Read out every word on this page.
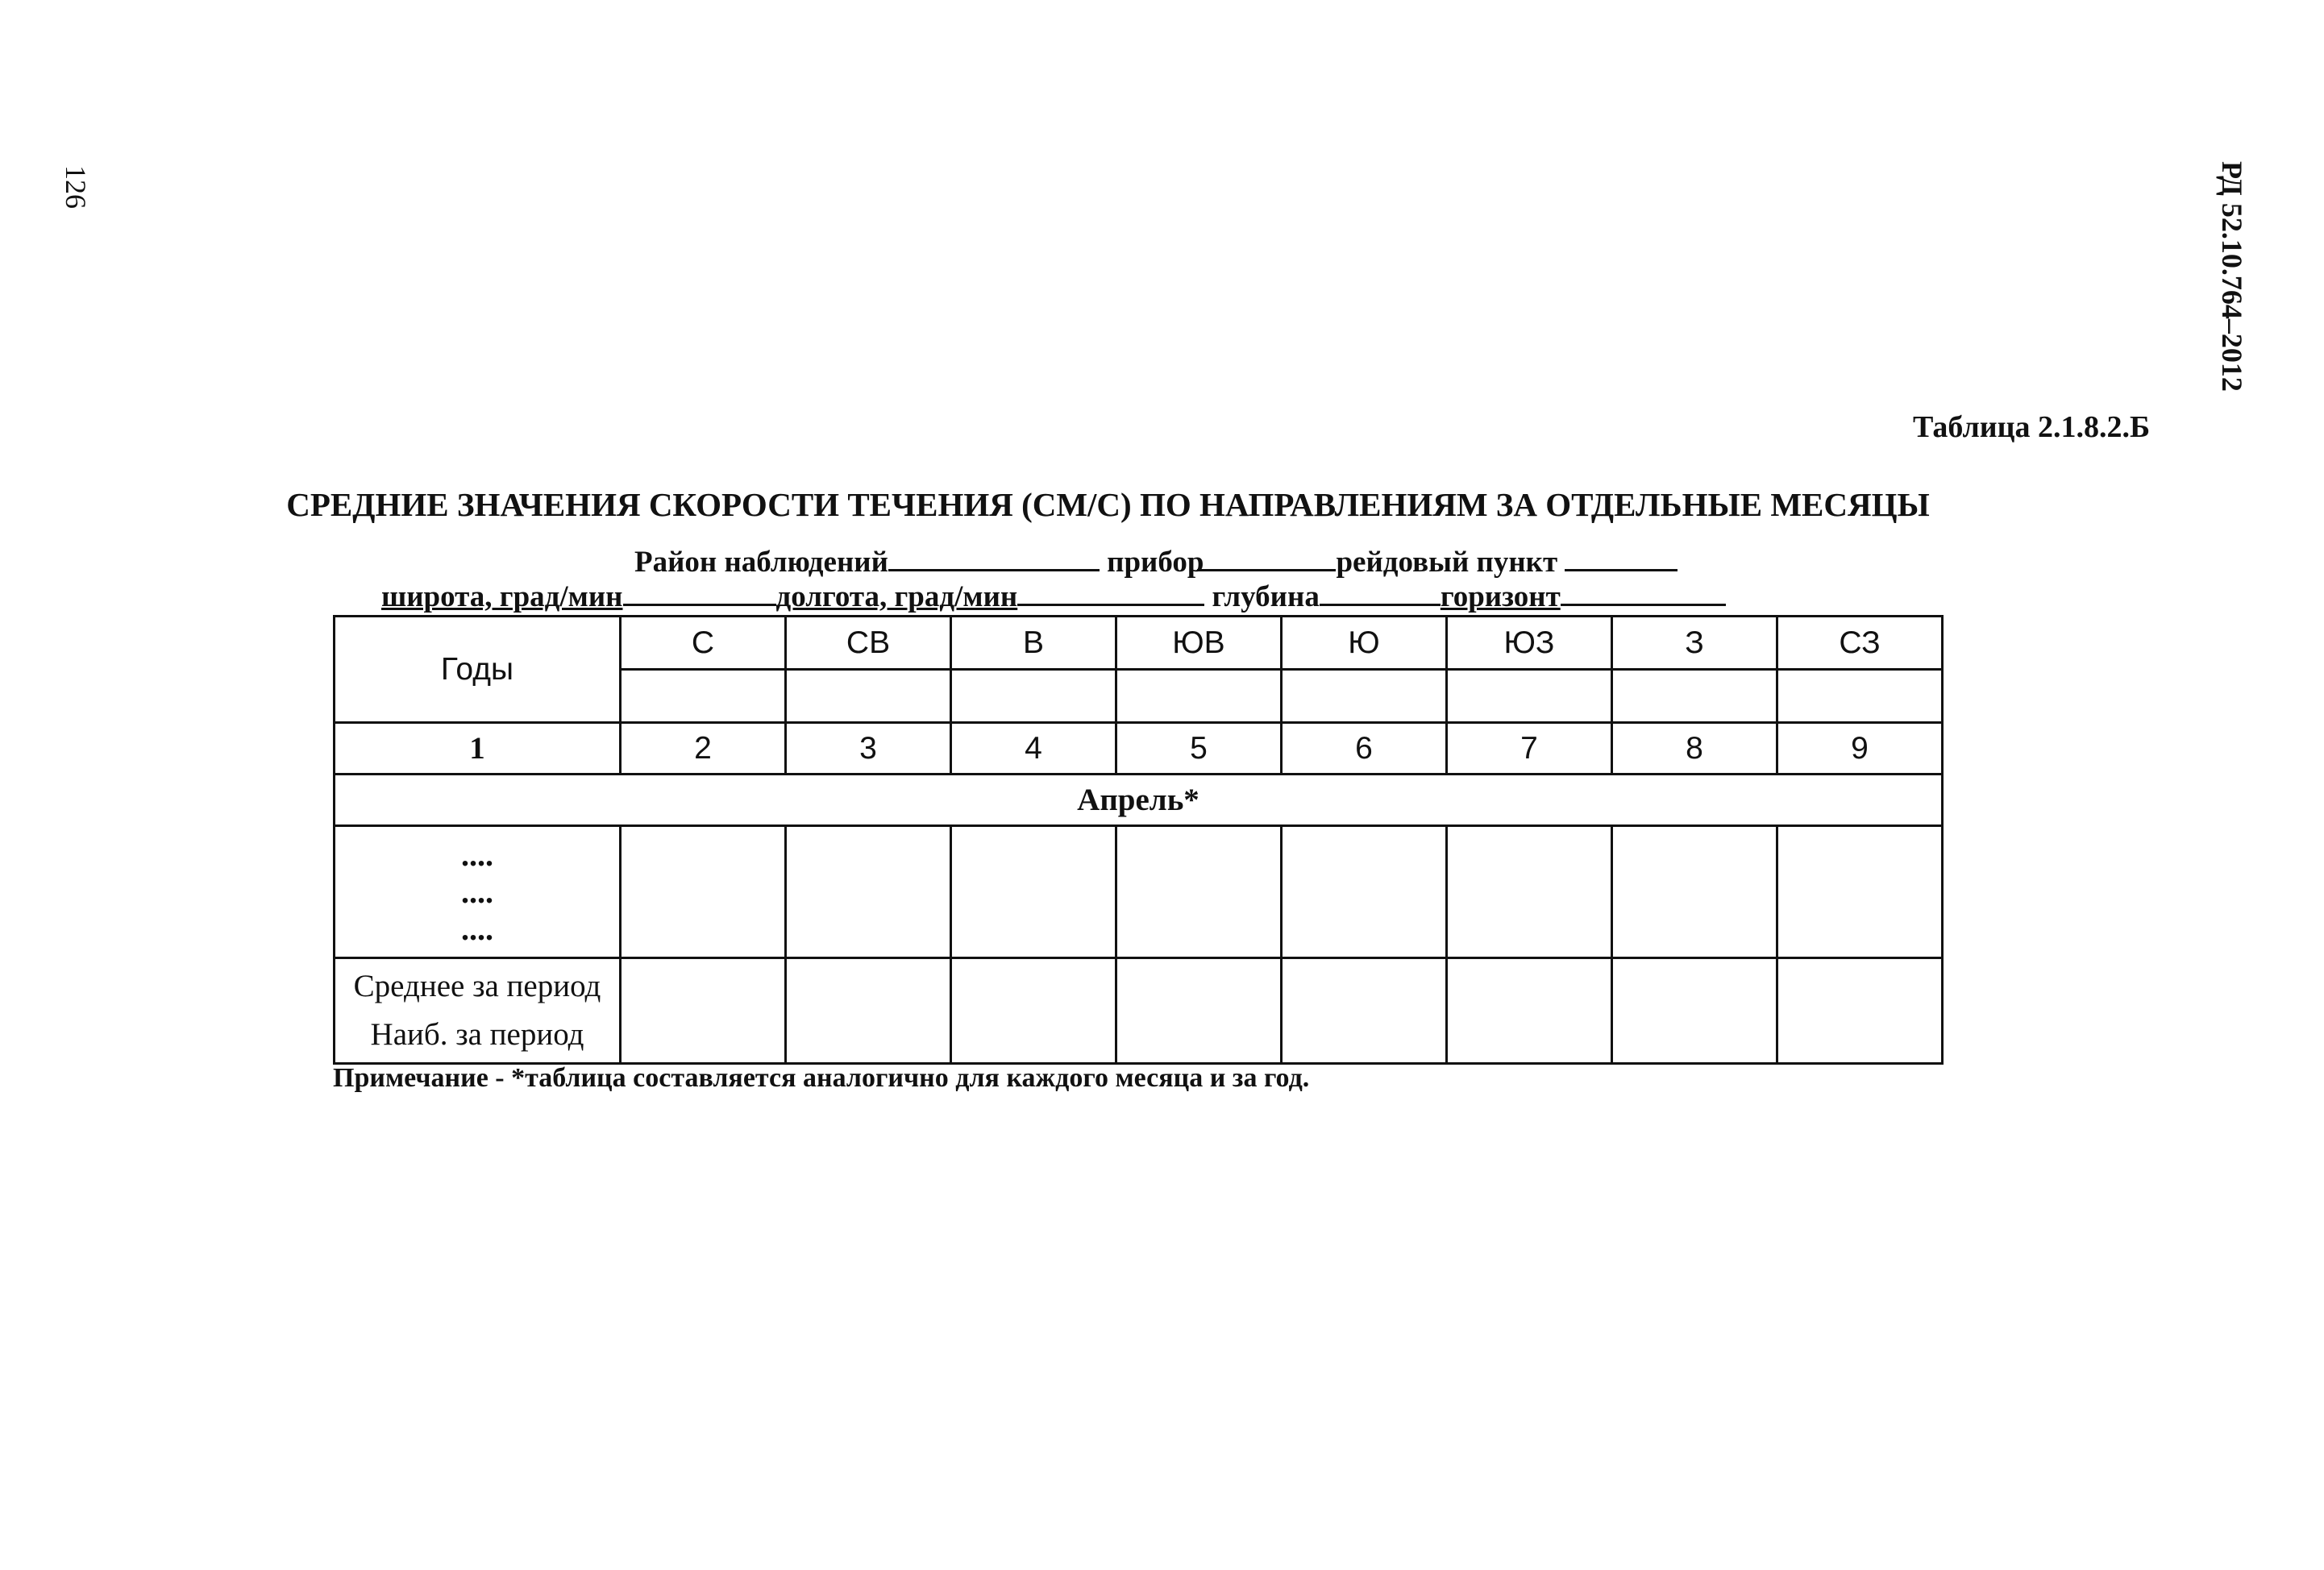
126	РД 52.10.764–2012
Таблица 2.1.8.2.Б
СРЕДНИЕ ЗНАЧЕНИЯ СКОРОСТИ ТЕЧЕНИЯ (СМ/С) ПО НАПРАВЛЕНИЯМ ЗА ОТДЕЛЬНЫЕ МЕСЯЦЫ
Район наблюдений	прибор	рейдовый пункт
широта, град/мин	долгота, град/мин	глубина	горизонт
Годы	С	СВ	В	ЮВ	Ю	ЮЗ	З	СЗ

1	2	3	4	5	6	7	8	9
Апрель*								

....
....
....								

Среднее за период
Наиб. за период								

Примечание - *таблица составляется аналогично для каждого месяца и за год.
